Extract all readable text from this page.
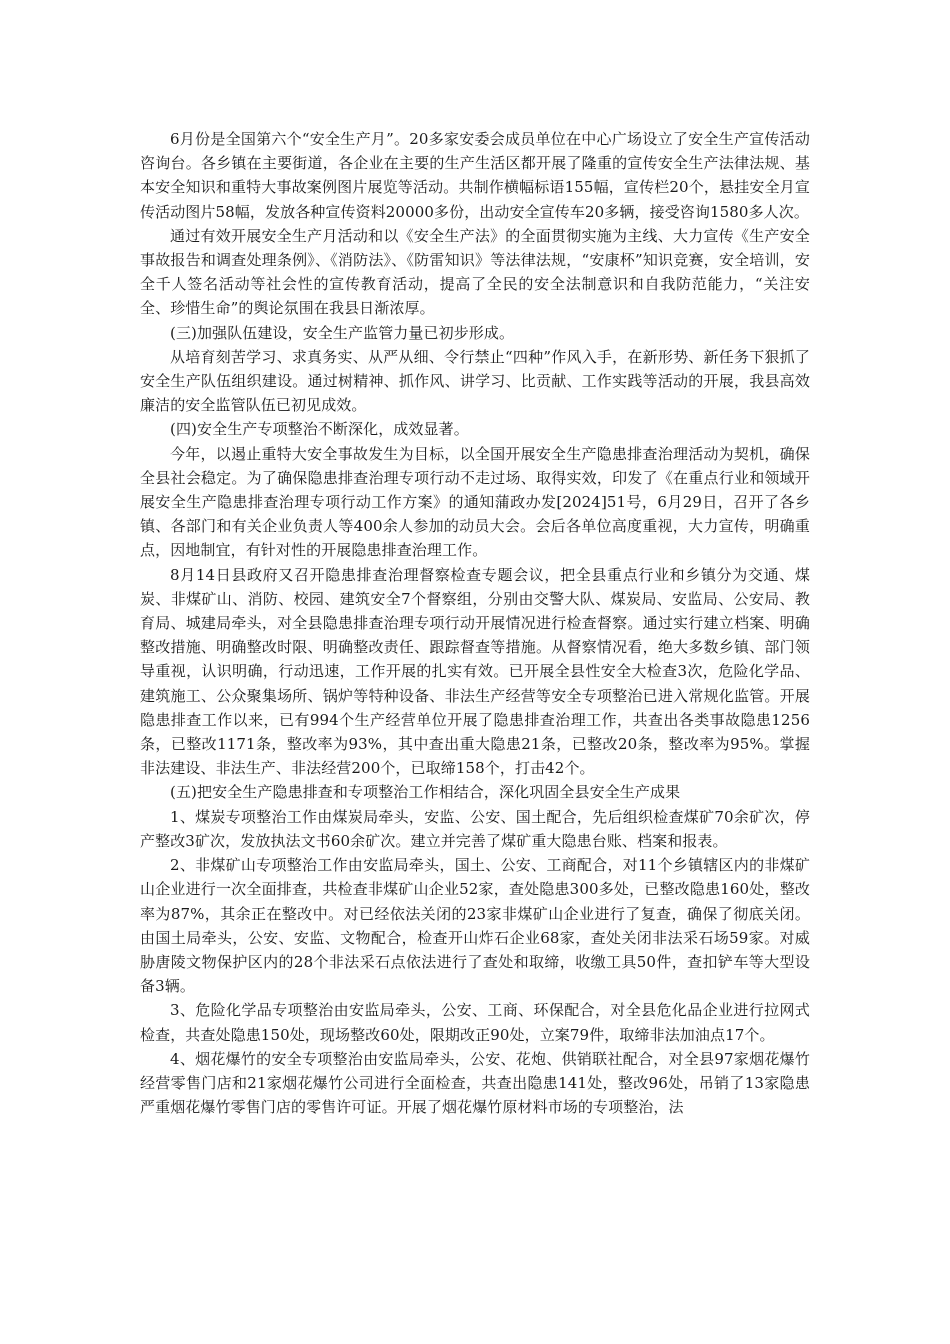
6月份是全国第六个“安全生产月”。20多家安委会成员单位在中心广场设立了安全生产宣传活动咨询台。各乡镇在主要街道，各企业在主要的生产生活区都开展了隆重的宣传安全生产法律法规、基本安全知识和重特大事故案例图片展览等活动。共制作横幅标语155幅，宣传栏20个，悬挂安全月宣传活动图片58幅，发放各种宣传资料20000多份，出动安全宣传车20多辆，接受咨询1580多人次。

通过有效开展安全生产月活动和以《安全生产法》的全面贯彻实施为主线、大力宣传《生产安全事故报告和调查处理条例》、《消防法》、《防雷知识》等法律法规，“安康杯”知识竞赛，安全培训，安全千人签名活动等社会性的宣传教育活动，提高了全民的安全法制意识和自我防范能力，“关注安全、珍惜生命”的舆论氛围在我县日渐浓厚。

(三)加强队伍建设，安全生产监管力量已初步形成。

从培育刻苦学习、求真务实、从严从细、令行禁止“四种”作风入手，在新形势、新任务下狠抓了安全生产队伍组织建设。通过树精神、抓作风、讲学习、比贡献、工作实践等活动的开展，我县高效廉洁的安全监管队伍已初见成效。

(四)安全生产专项整治不断深化，成效显著。

今年，以遏止重特大安全事故发生为目标，以全国开展安全生产隐患排查治理活动为契机，确保全县社会稳定。为了确保隐患排查治理专项行动不走过场、取得实效，印发了《在重点行业和领域开展安全生产隐患排查治理专项行动工作方案》的通知蒲政办发[2024]51号，6月29日，召开了各乡镇、各部门和有关企业负责人等400余人参加的动员大会。会后各单位高度重视，大力宣传，明确重点，因地制宜，有针对性的开展隐患排查治理工作。

8月14日县政府又召开隐患排查治理督察检查专题会议，把全县重点行业和乡镇分为交通、煤炭、非煤矿山、消防、校园、建筑安全7个督察组，分别由交警大队、煤炭局、安监局、公安局、教育局、城建局牵头，对全县隐患排查治理专项行动开展情况进行检查督察。通过实行建立档案、明确整改措施、明确整改时限、明确整改责任、跟踪督查等措施。从督察情况看，绝大多数乡镇、部门领导重视，认识明确，行动迅速，工作开展的扎实有效。已开展全县性安全大检查3次，危险化学品、建筑施工、公众聚集场所、锅炉等特种设备、非法生产经营等安全专项整治已进入常规化监管。开展隐患排查工作以来，已有994个生产经营单位开展了隐患排查治理工作，共查出各类事故隐患1256条，已整改1171条，整改率为93%，其中查出重大隐患21条，已整改20条，整改率为95%。掌握非法建设、非法生产、非法经营200个，已取缔158个，打击42个。

(五)把安全生产隐患排查和专项整治工作相结合，深化巩固全县安全生产成果

1、煤炭专项整治工作由煤炭局牵头，安监、公安、国土配合，先后组织检查煤矿70余矿次，停产整改3矿次，发放执法文书60余矿次。建立并完善了煤矿重大隐患台账、档案和报表。

2、非煤矿山专项整治工作由安监局牵头，国土、公安、工商配合，对11个乡镇辖区内的非煤矿山企业进行一次全面排查，共检查非煤矿山企业52家，查处隐患300多处，已整改隐患160处，整改率为87%，其余正在整改中。对已经依法关闭的23家非煤矿山企业进行了复查，确保了彻底关闭。由国土局牵头，公安、安监、文物配合，检查开山炸石企业68家，查处关闭非法采石场59家。对威胁唐陵文物保护区内的28个非法采石点依法进行了查处和取缔，收缴工具50件，查扣铲车等大型设备3辆。

3、危险化学品专项整治由安监局牵头，公安、工商、环保配合，对全县危化品企业进行拉网式检查，共查处隐患150处，现场整改60处，限期改正90处，立案79件，取缔非法加油点17个。

4、烟花爆竹的安全专项整治由安监局牵头，公安、花炮、供销联社配合，对全县97家烟花爆竹经营零售门店和21家烟花爆竹公司进行全面检查，共查出隐患141处，整改96处，吊销了13家隐患严重烟花爆竹零售门店的零售许可证。开展了烟花爆竹原材料市场的专项整治，法
